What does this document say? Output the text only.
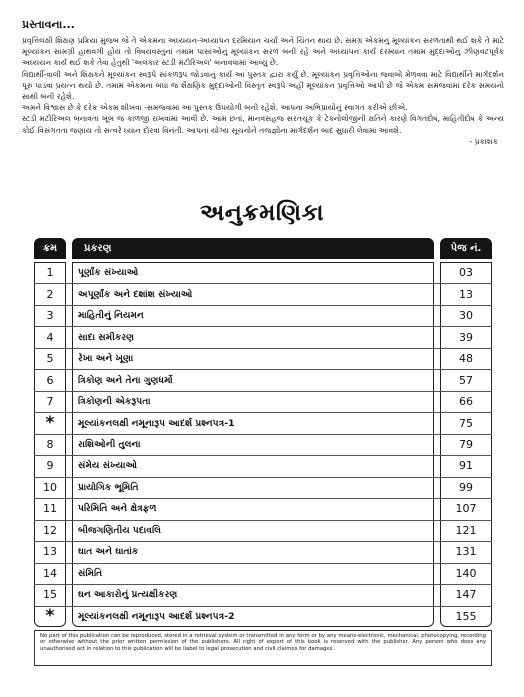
પ્રસ્તાવના...

પ્રવૃત્તિલક્ષી શિક્ષણ પ્રક્રિયા મુજબ જે તે એકમના અધ્યયન-અધ્યાપન દરમિયાન ચર્ચા અને ચિંતન થાય છે. સમગ્ર એકમનું મૂલ્યાંકન સરળતાથી થઈ શકે તે માટે મૂલ્યાંકન સામગ્રી હાથવગી હોય તો વિષયવસ્તુનાં તમામ પાસાંઓનું મૂલ્યાંકન સરળ બની રહે અને અધ્યાપન કાર્ય દરમ્યાન તમામ મુદ્દાઓનું ઝીણવટપૂર્વક અધ્યયન કાર્ય થઈ શકે તેવા હેતુથી 'અલંકાર સ્ટડી મટીરિઅલ' બનાવવામાં આવ્યું છે.

વિદ્યાર્થી-વાલી અને શિક્ષકને મૂલ્યાંકન સ્વરૂપે સાંકળરૂપ જોડવાનું કાર્ય આ પુસ્તક દ્વારા કર્યું છે. મૂલ્યાંકન પ્રવૃત્તિઓના જવાબો મેળવવા માટે વિદ્યાર્થીને માર્ગદર્શન પૂરું પાડવા પ્રયત્ન થયો છે. તમામ એકમના બધા જ શૈક્ષણિક મુદ્દાઓની વિસ્તૃત સ્વરૂપે અહીં મૂલ્યાંકન પ્રવૃત્તિઓ આપી છે જે એકમ સમજવામાં દરેક સમયનો સાથી બની રહેશે.

અમને વિશ્વાસ છે કે દરેક એકમ શીખવા -સમજવામાં આ પુસ્તક ઉપયોગી બની રહેશે. આપના અભિપ્રાયોનું સ્વાગત કરીએ છીએ.

સ્ટડી મટીરિઅલ બનાવતા ખૂબ જ કાળજી રાખવામાં આવી છે. આમ છતાં, માનવસહજ સરતચૂક કે ટેક્નોલોજીની ક્ષતિને કારણે વિગતદોષ, માહિતીદોષ કે અન્ય કોઈ વિસંગતતા જણાય તો સત્વરે ધ્યાન દોરવા વિનંતી. આપનાં યોગ્ય સૂચનોને તજજ્ઞોના માર્ગદર્શન બાદ સુધારી લેવામાં આવશે.

- પ્રકાશક
અનુક્રમણિકા
ક્રમ	પ્રકરણ	પેજ નં.
1	પૂર્ણાંક સંખ્યાઓ	03
2	અપૂર્ણાંક અને દશાંશ સંખ્યાઓ	13
3	માહિતીનું નિયમન	30
4	સાદા સમીકરણ	39
5	રેખા અને ખૂણા	48
6	ત્રિકોણ અને તેના ગુણધર્મો	57
7	ત્રિકોણની એકરૂપતા	66
*	મૂલ્યાંકનલક્ષી નમૂનારૂપ આદર્શ પ્રશ્નપત્ર-1	75
8	રાશિઓની તુલના	79
9	સંમેય સંખ્યાઓ	91
10	પ્રાયોગિક ભૂમિતિ	99
11	પરિમિતિ અને ક્ષેત્રફળ	107
12	બીજગણિતીય પદાવલિ	121
13	ઘાત અને ઘાતાંક	131
14	સંમિતિ	140
15	ઘન આકારોનું પ્રત્યક્ષીકરણ	147
*	મૂલ્યાંકનલક્ષી નમૂનારૂપ આદર્શ પ્રશ્નપત્ર-2	155
No part of this publication can be reproduced, stored in a retrieval system or transmitted in any form or by any means-electronic, mechanical, photocopying, recording or otherwise without the prior written permission of the publishers. All right of export of this book is reserved with the publisher. Any person who does any unauthorised act in relation to this publication will be liabel to legal prosecution and civil claimes for damages.
